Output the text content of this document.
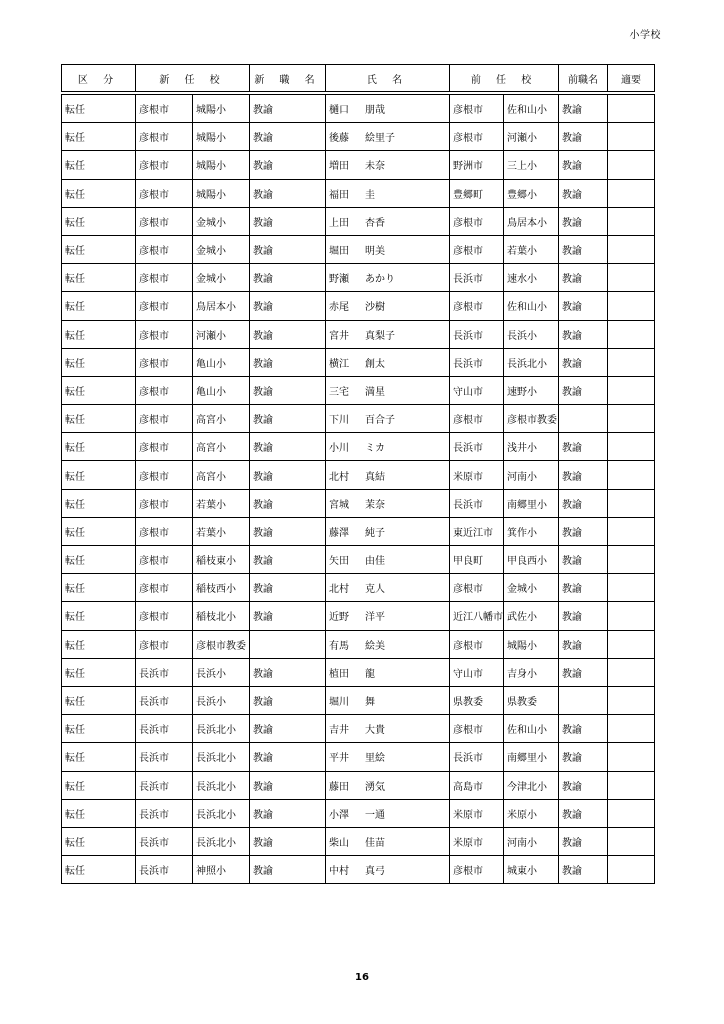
小学校
区 分	新 任 校		新 職 名	氏 名	前 任 校		前職名	適要

転任	彦根市	城陽小	教諭	樋口 朋哉	彦根市	佐和山小	教諭	
転任	彦根市	城陽小	教諭	後藤 絵里子	彦根市	河瀬小	教諭	
転任	彦根市	城陽小	教諭	増田 未奈	野洲市	三上小	教諭	
転任	彦根市	城陽小	教諭	福田 圭	豊郷町	豊郷小	教諭	
転任	彦根市	金城小	教諭	上田 杏香	彦根市	鳥居本小	教諭	
転任	彦根市	金城小	教諭	堀田 明美	彦根市	若葉小	教諭	
転任	彦根市	金城小	教諭	野瀬 あかり	長浜市	速水小	教諭	
転任	彦根市	鳥居本小	教諭	赤尾 沙樹	彦根市	佐和山小	教諭	
転任	彦根市	河瀬小	教諭	宮井 真梨子	長浜市	長浜小	教諭	
転任	彦根市	亀山小	教諭	横江 創太	長浜市	長浜北小	教諭	
転任	彦根市	亀山小	教諭	三宅 満星	守山市	速野小	教諭	
転任	彦根市	高宮小	教諭	下川 百合子	彦根市	彦根市教委		
転任	彦根市	高宮小	教諭	小川 ミカ	長浜市	浅井小	教諭	
転任	彦根市	高宮小	教諭	北村 真結	米原市	河南小	教諭	
転任	彦根市	若葉小	教諭	宮城 茉奈	長浜市	南郷里小	教諭	
転任	彦根市	若葉小	教諭	藤澤 純子	東近江市	箕作小	教諭	
転任	彦根市	稲枝東小	教諭	矢田 由佳	甲良町	甲良西小	教諭	
転任	彦根市	稲枝西小	教諭	北村 克人	彦根市	金城小	教諭	
転任	彦根市	稲枝北小	教諭	近野 洋平	近江八幡市	武佐小	教諭	
転任	彦根市	彦根市教委		有馬 絵美	彦根市	城陽小	教諭	
転任	長浜市	長浜小	教諭	植田 龍	守山市	吉身小	教諭	
転任	長浜市	長浜小	教諭	堀川 舞	県教委	県教委		
転任	長浜市	長浜北小	教諭	吉井 大貴	彦根市	佐和山小	教諭	
転任	長浜市	長浜北小	教諭	平井 里絵	長浜市	南郷里小	教諭	
転任	長浜市	長浜北小	教諭	藤田 湧気	高島市	今津北小	教諭	
転任	長浜市	長浜北小	教諭	小澤 一通	米原市	米原小	教諭	
転任	長浜市	長浜北小	教諭	柴山 佳苗	米原市	河南小	教諭	
転任	長浜市	神照小	教諭	中村 真弓	彦根市	城東小	教諭	
16
